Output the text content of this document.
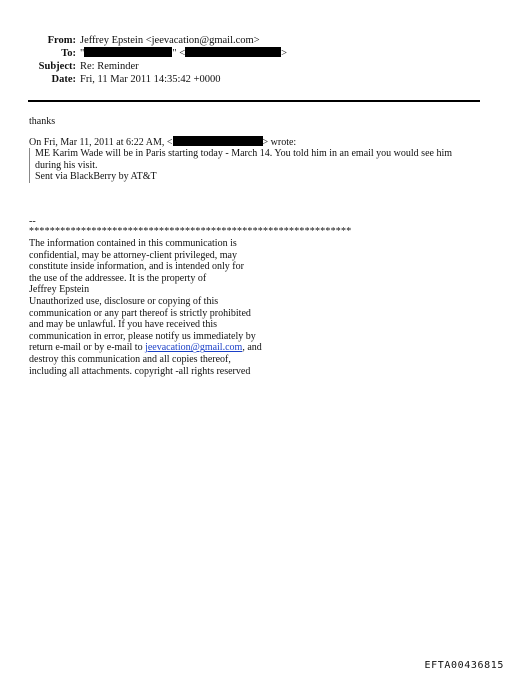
From: Jeffrey Epstein <jeevacation@gmail.com>
To: "	" <	>
Subject: Re: Reminder
Date: Fri, 11 Mar 2011 14:35:42 +0000
thanks
On Fri, Mar 11, 2011 at 6:22 AM, <	> wrote:
ME Karim Wade will be in Paris starting today - March 14. You told him in an email you would see him
during his visit.
Sent via BlackBerry by AT&T
--
**************************************************************
The information contained in this communication is
confidential, may be attorney-client privileged, may
constitute inside information, and is intended only for
the use of the addressee. It is the property of
Jeffrey Epstein
Unauthorized use, disclosure or copying of this
communication or any part thereof is strictly prohibited
and may be unlawful. If you have received this
communication in error, please notify us immediately by
return e-mail or by e-mail to jeevacation@gmail.com, and
destroy this communication and all copies thereof,
including all attachments. copyright -all rights reserved
EFTA00436815
